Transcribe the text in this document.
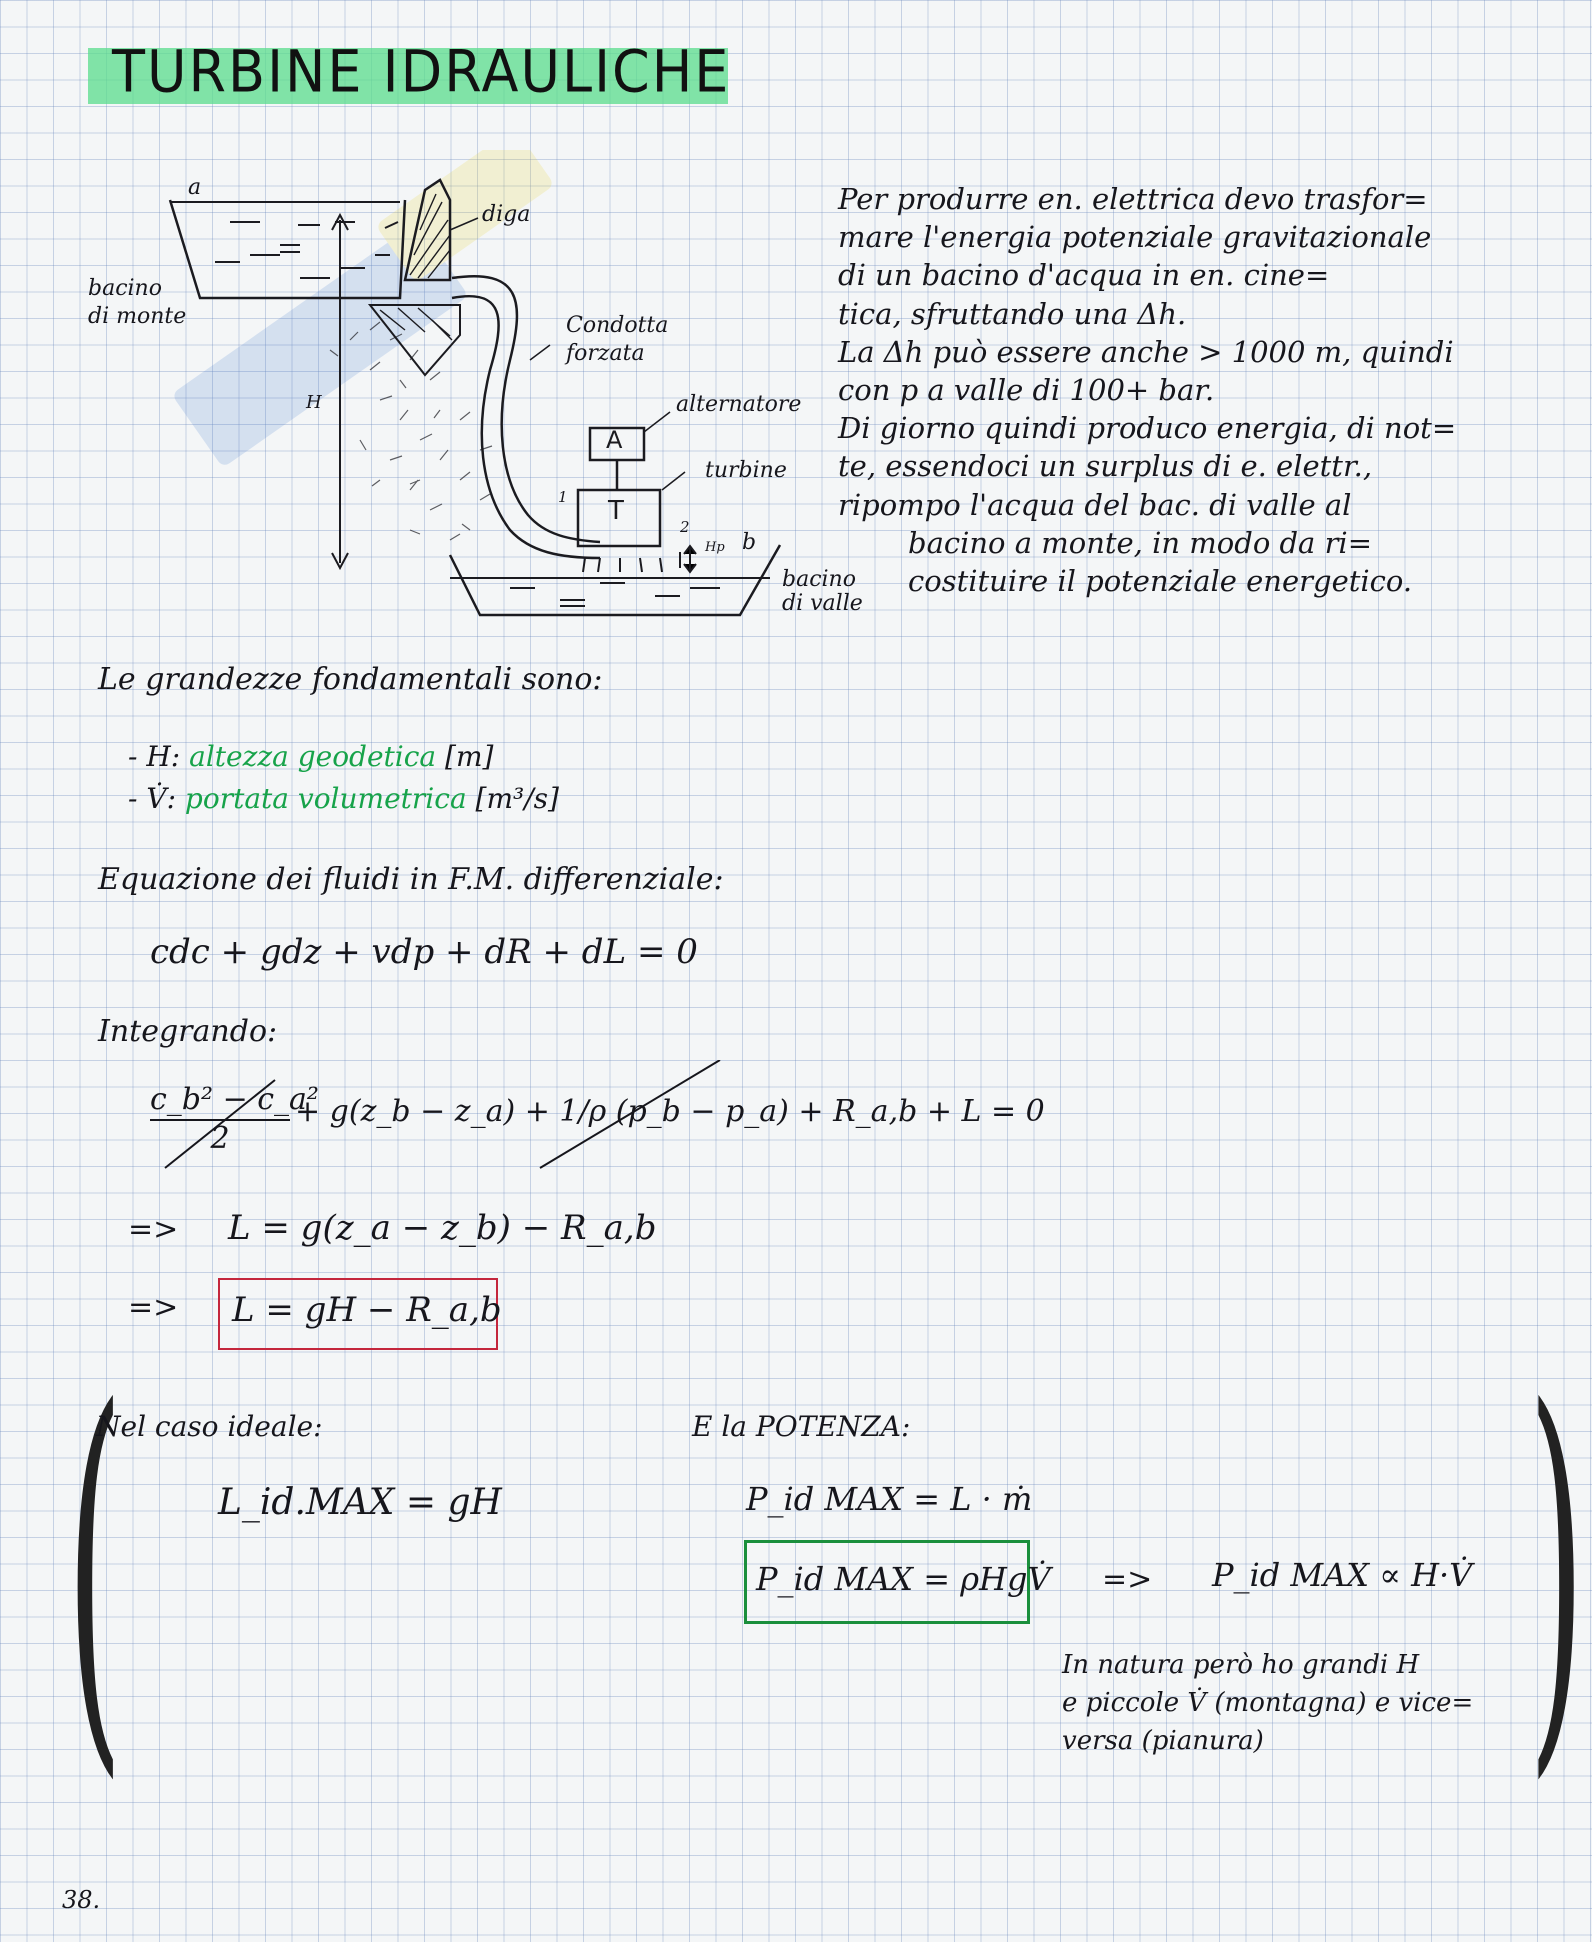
TURBINE IDRAULICHE
a
b
diga
bacino
di monte	Condotta
forzata
alternatore
turbine
A
T
H
1
2
Hp
bacino
di valle
Per produrre en. elettrica devo trasfor=
mare l'energia potenziale gravitazionale
di un bacino d'acqua in en. cine=
tica, sfruttando una Δh.
La Δh può essere anche > 1000 m, quindi
con p a valle di 100+ bar.
Di giorno quindi produco energia, di not=
te, essendoci un surplus di e. elettr.,
ripompo l'acqua del bac. di valle al
bacino a monte, in modo da ri=
costituire il potenziale energetico.
Le grandezze fondamentali sono:
- H: altezza geodetica [m]
- V̇: portata volumetrica [m³/s]
Equazione dei fluidi in F.M. differenziale:
cdc + gdz + vdp + dR + dL = 0
Integrando:
c_b² − c_a²
2
+ g(z_b − z_a) + 1/ρ (p_b − p_a) + R_a,b + L = 0
=> L = g(z_a − z_b) − R_a,b
=> L = gH − R_a,b
(	)
Nel caso ideale:
L_id.MAX = gH
E la POTENZA:
P_id MAX = L · ṁ
P_id MAX = ρHgV̇ => P_id MAX ∝ H·V̇
In natura però ho grandi H
e piccole V̇ (montagna) e vice=
versa (pianura)
38.
